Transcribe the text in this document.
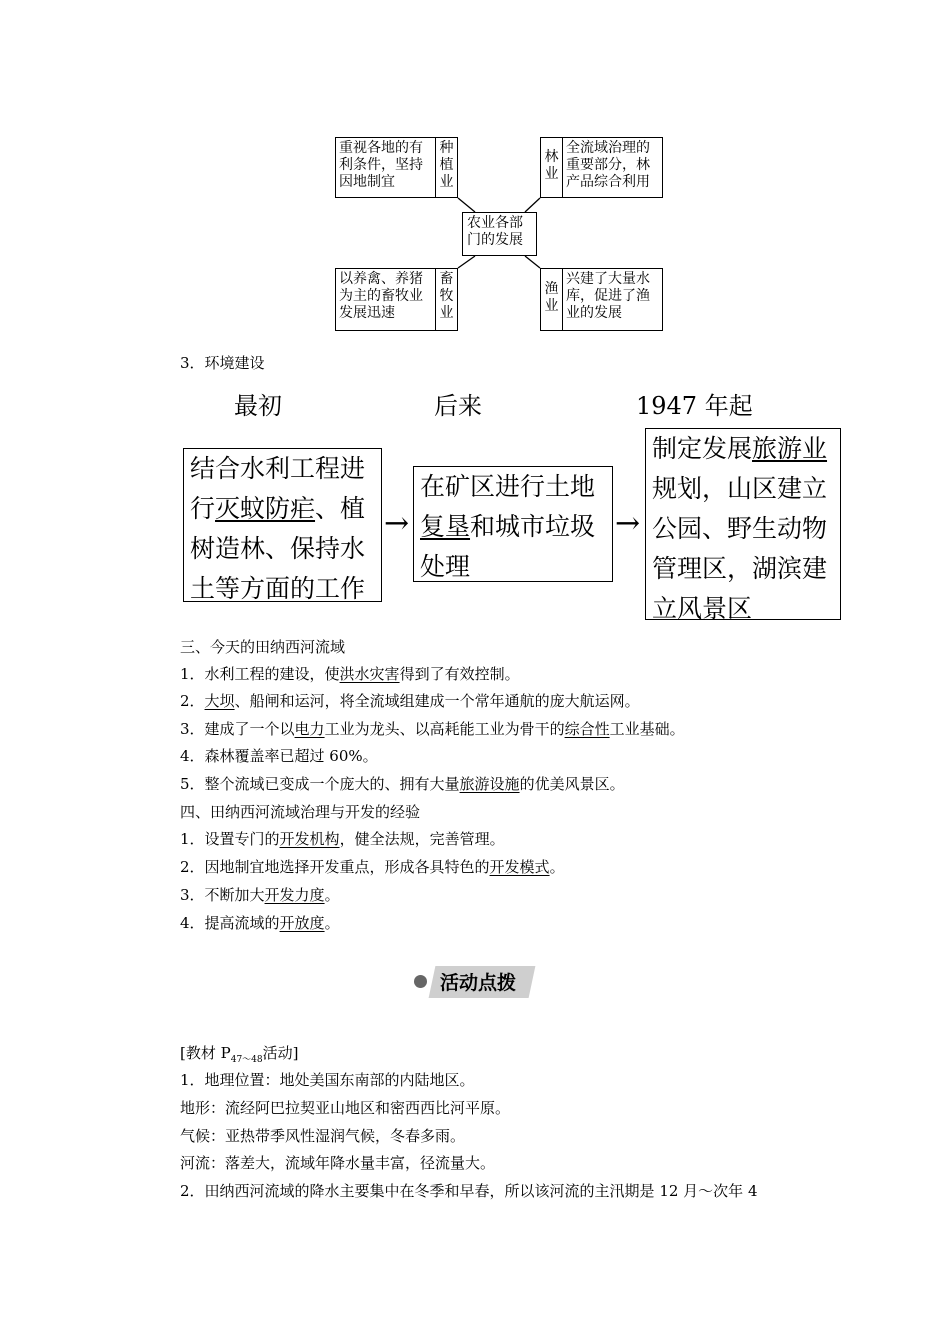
重视各地的有利条件，坚持因地制宜
种
植
业
林
业
全流域治理的重要部分，林产品综合利用
农业各部门的发展
以养禽、养猪为主的畜牧业发展迅速
畜
牧
业
渔
业
兴建了大量水库，促进了渔业的发展
3．环境建设
最初	后来	1947 年起
结合水利工程进
行灭蚊防疟、植
树造林、保持水
土等方面的工作
→
在矿区进行土地
复垦和城市垃圾
处理
→
制定发展旅游业
规划，山区建立
公园、野生动物
管理区，湖滨建
立风景区
三、今天的田纳西河流域
1．水利工程的建设，使洪水灾害得到了有效控制。
2．大坝、船闸和运河，将全流域组建成一个常年通航的庞大航运网。
3．建成了一个以电力工业为龙头、以高耗能工业为骨干的综合性工业基础。
4．森林覆盖率已超过 60%。
5．整个流域已变成一个庞大的、拥有大量旅游设施的优美风景区。
四、田纳西河流域治理与开发的经验
1．设置专门的开发机构，健全法规，完善管理。
2．因地制宜地选择开发重点，形成各具特色的开发模式。
3．不断加大开发力度。
4．提高流域的开放度。
活动点拨
[教材 $P_{47\sim 48}$活动]
1．地理位置：地处美国东南部的内陆地区。
地形：流经阿巴拉契亚山地区和密西西比河平原。
气候：亚热带季风性湿润气候，冬春多雨。
河流：落差大，流域年降水量丰富，径流量大。
2．田纳西河流域的降水主要集中在冬季和早春，所以该河流的主汛期是 12 月～次年 4
